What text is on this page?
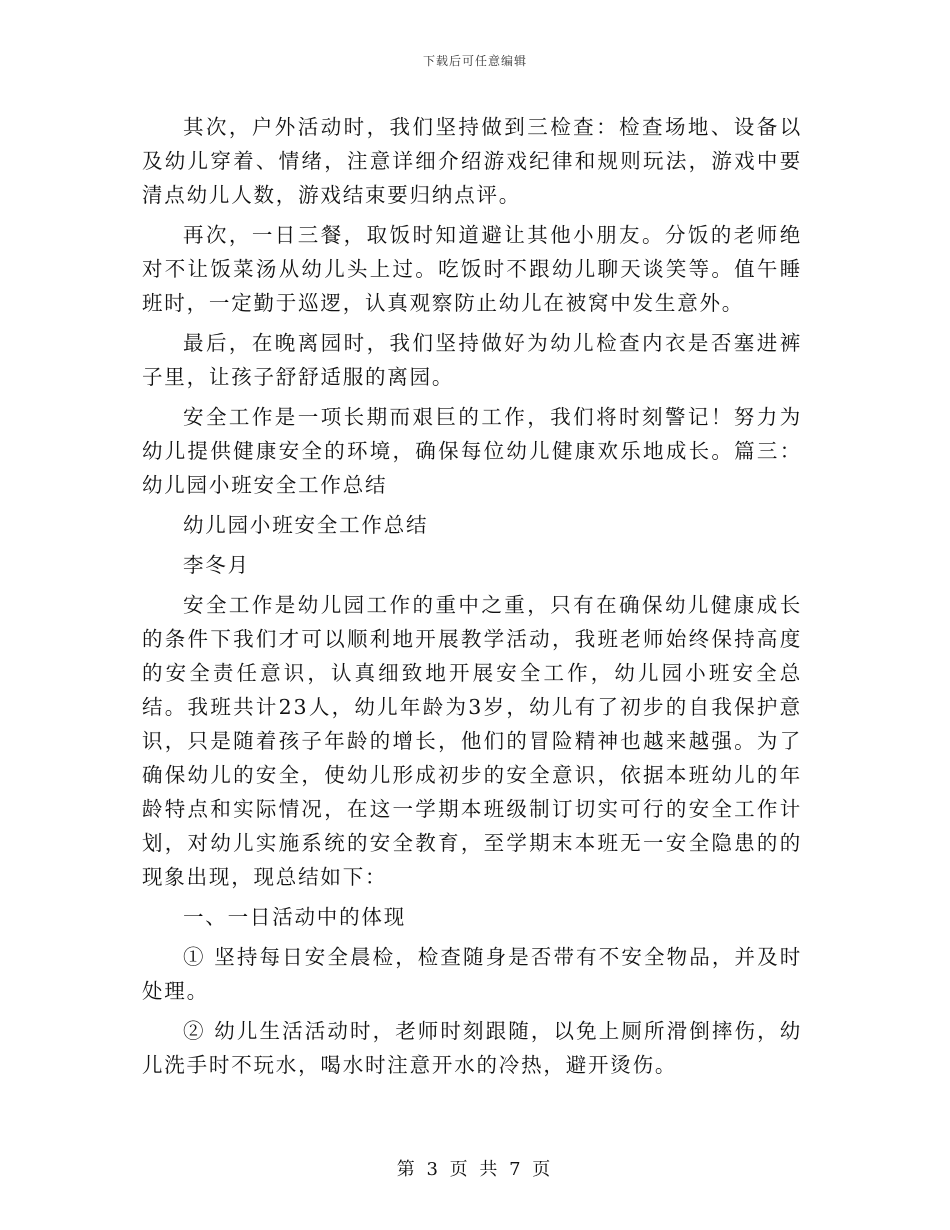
下载后可任意编辑

其次，户外活动时，我们坚持做到三检查：检查场地、设备以及幼儿穿着、情绪，注意详细介绍游戏纪律和规则玩法，游戏中要清点幼儿人数，游戏结束要归纳点评。

再次，一日三餐，取饭时知道避让其他小朋友。分饭的老师绝对不让饭菜汤从幼儿头上过。吃饭时不跟幼儿聊天谈笑等。值午睡班时，一定勤于巡逻，认真观察防止幼儿在被窝中发生意外。

最后，在晚离园时，我们坚持做好为幼儿检查内衣是否塞进裤子里，让孩子舒舒适服的离园。

安全工作是一项长期而艰巨的工作，我们将时刻警记！努力为幼儿提供健康安全的环境，确保每位幼儿健康欢乐地成长。篇三：幼儿园小班安全工作总结

幼儿园小班安全工作总结

李冬月

安全工作是幼儿园工作的重中之重，只有在确保幼儿健康成长的条件下我们才可以顺利地开展教学活动，我班老师始终保持高度的安全责任意识，认真细致地开展安全工作，幼儿园小班安全总结。我班共计23人，幼儿年龄为3岁，幼儿有了初步的自我保护意识，只是随着孩子年龄的增长，他们的冒险精神也越来越强。为了确保幼儿的安全，使幼儿形成初步的安全意识，依据本班幼儿的年龄特点和实际情况，在这一学期本班级制订切实可行的安全工作计划，对幼儿实施系统的安全教育，至学期末本班无一安全隐患的的现象出现，现总结如下：

一、一日活动中的体现

① 坚持每日安全晨检，检查随身是否带有不安全物品，并及时处理。

② 幼儿生活活动时，老师时刻跟随，以免上厕所滑倒摔伤，幼儿洗手时不玩水，喝水时注意开水的冷热，避开烫伤。

第 3 页 共 7 页
